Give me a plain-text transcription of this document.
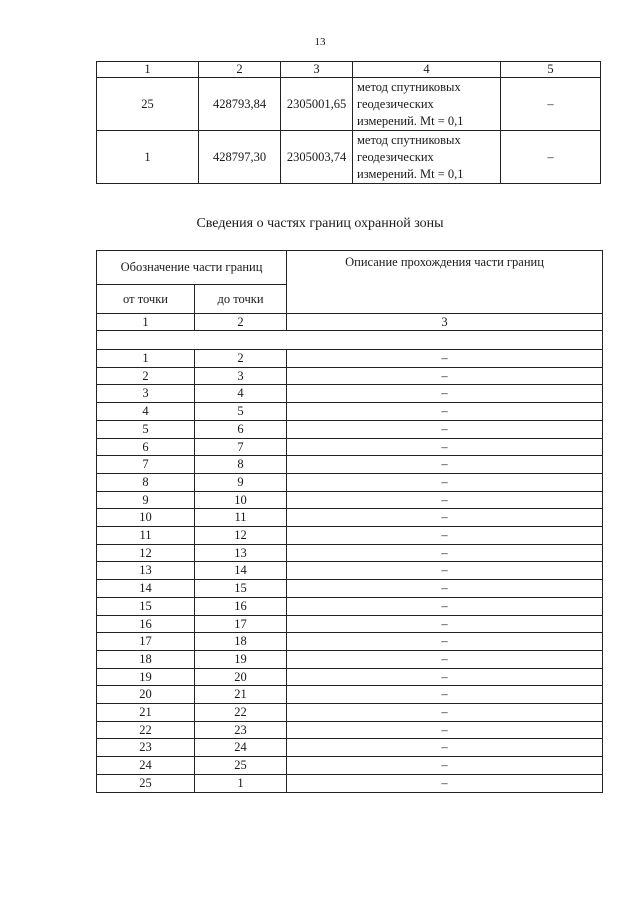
13
1	2	3	4	5
25	428793,84	2305001,65	метод спутниковых
геодезических
измерений. Mt = 0,1	–
1	428797,30	2305003,74	метод спутниковых
геодезических
измерений. Mt = 0,1	–
Сведения о частях границ охранной зоны
Обозначение части границ		Описание прохождения части границ
от точки	до точки	
1	2	3

1	2	–
2	3	–
3	4	–
4	5	–
5	6	–
6	7	–
7	8	–
8	9	–
9	10	–
10	11	–
11	12	–
12	13	–
13	14	–
14	15	–
15	16	–
16	17	–
17	18	–
18	19	–
19	20	–
20	21	–
21	22	–
22	23	–
23	24	–
24	25	–
25	1	–
